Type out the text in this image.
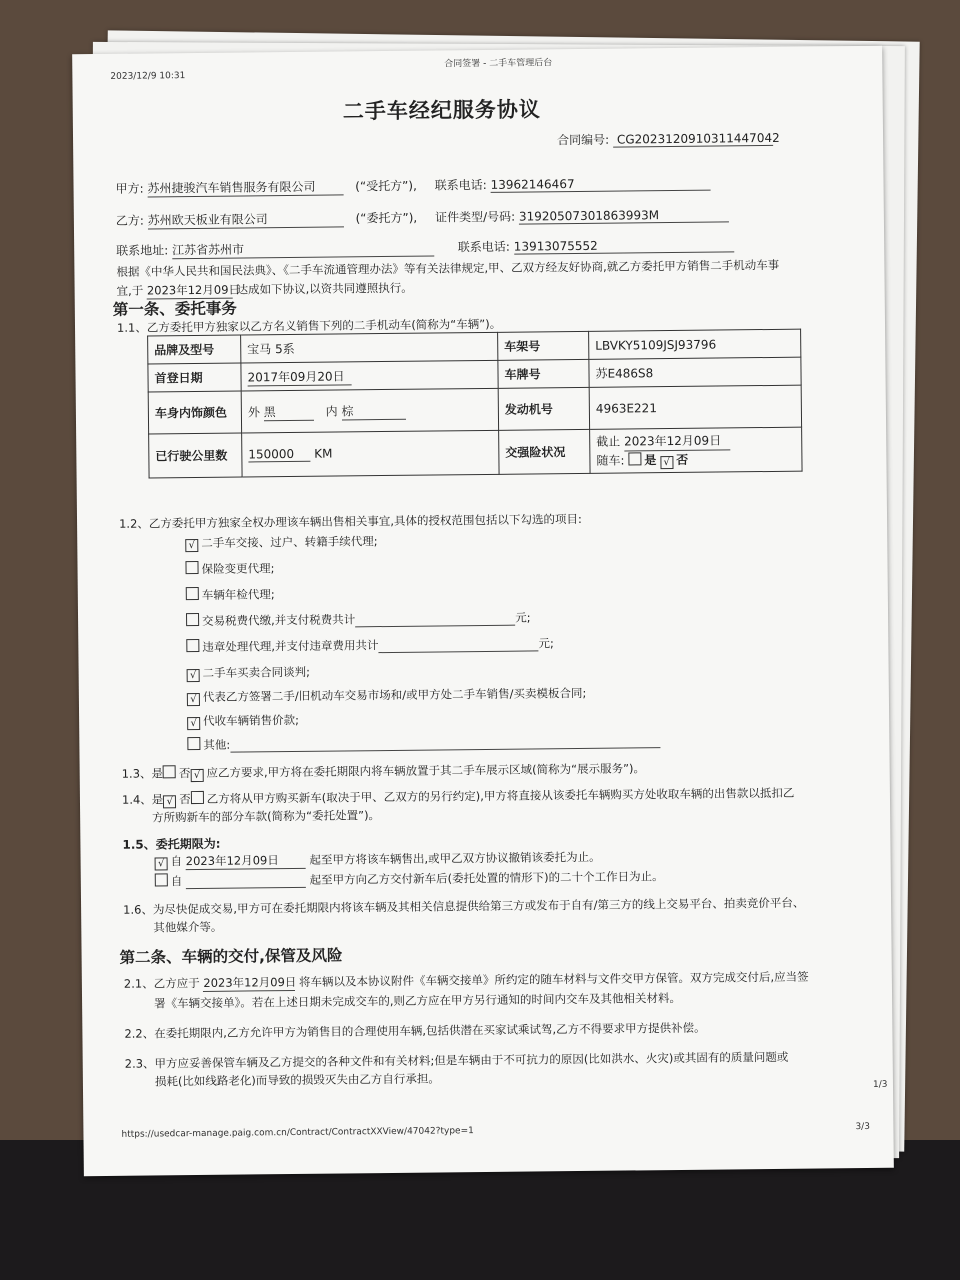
2023/12/9 10:31
合同签署 - 二手车管理后台
二手车经纪服务协议
合同编号: CG2023120910311447042
甲方: 苏州捷骏汽车销售服务有限公司	(“受托方”), 联系电话: 13962146467
乙方: 苏州欧天板业有限公司	(“委托方”), 证件类型/号码: 31920507301863993M
联系地址: 江苏省苏州市	联系电话: 13913075552
根据《中华人民共和国民法典》、《二手车流通管理办法》等有关法律规定,甲、乙双方经友好协商,就乙方委托甲方销售二手机动车事
宜,于 2023年12月09日 达成如下协议,以资共同遵照执行。
第一条、委托事务
1.1、乙方委托甲方独家以乙方名义销售下列的二手机动车(简称为“车辆”)。
品牌及型号	宝马 5系	车架号	LBVKY5109JSJ93796
首登日期	2017年09月20日	车牌号	苏E486S8
车身内饰颜色	外 黑 内 棕	发动机号	4963E221
已行驶公里数	150000 KM	交强险状况	截止 2023年12月09日
随车: 是 √ 否
1.2、乙方委托甲方独家全权办理该车辆出售相关事宜,具体的授权范围包括以下勾选的项目:
√ 二手车交接、过户、转籍手续代理;
保险变更代理;
车辆年检代理;
交易税费代缴,并支付税费共计	元;
违章处理代理,并支付违章费用共计	元;
√ 二手车买卖合同谈判;
√ 代表乙方签署二手/旧机动车交易市场和/或甲方处二手车销售/买卖模板合同;
√ 代收车辆销售价款;
其他:
1.3、是 否 √ 应乙方要求,甲方将在委托期限内将车辆放置于其二手车展示区域(简称为“展示服务”)。
1.4、是 √ 否 乙方将从甲方购买新车(取决于甲、乙双方的另行约定),甲方将直接从该委托车辆购买方处收取车辆的出售款以抵扣乙
方所购新车的部分车款(简称为“委托处置”)。
1.5、委托期限为:
√ 自 2023年12月09日	起至甲方将该车辆售出,或甲乙双方协议撤销该委托为止。
自	起至甲方向乙方交付新车后(委托处置的情形下)的二十个工作日为止。
1.6、为尽快促成交易,甲方可在委托期限内将该车辆及其相关信息提供给第三方或发布于自有/第三方的线上交易平台、拍卖竞价平台、
其他媒介等。
第二条、车辆的交付,保管及风险
2.1、乙方应于 2023年12月09日 将车辆以及本协议附件《车辆交接单》所约定的随车材料与文件交甲方保管。双方完成交付后,应当签
署《车辆交接单》。若在上述日期未完成交车的,则乙方应在甲方另行通知的时间内交车及其他相关材料。
2.2、在委托期限内,乙方允许甲方为销售目的合理使用车辆,包括供潜在买家试乘试驾,乙方不得要求甲方提供补偿。
2.3、甲方应妥善保管车辆及乙方提交的各种文件和有关材料;但是车辆由于不可抗力的原因(比如洪水、火灾)或其固有的质量问题或
损耗(比如线路老化)而导致的损毁灭失由乙方自行承担。	1/3
https://usedcar-manage.paig.com.cn/Contract/ContractXXView/47042?type=1	3/3
